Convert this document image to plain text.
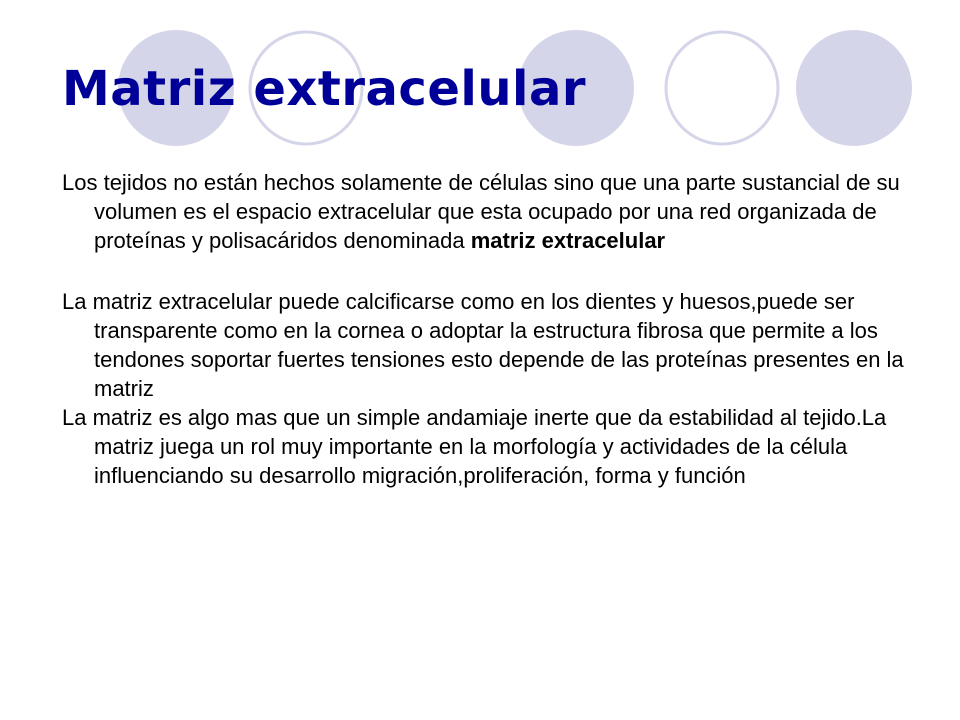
Matriz extracelular

Los tejidos no están hechos solamente de células sino que una parte sustancial de su volumen es el espacio extracelular que esta ocupado por una red organizada de proteínas y polisacáridos denominada matriz extracelular

La matriz extracelular puede calcificarse como en los dientes y huesos,puede ser transparente como en la cornea o adoptar la estructura fibrosa que permite a los tendones soportar fuertes tensiones esto depende de las proteínas presentes en la matriz

La matriz es algo mas que un simple andamiaje inerte que da estabilidad al tejido.La matriz juega un rol muy importante en la morfología y actividades de la célula influenciando su desarrollo migración,proliferación, forma y función
